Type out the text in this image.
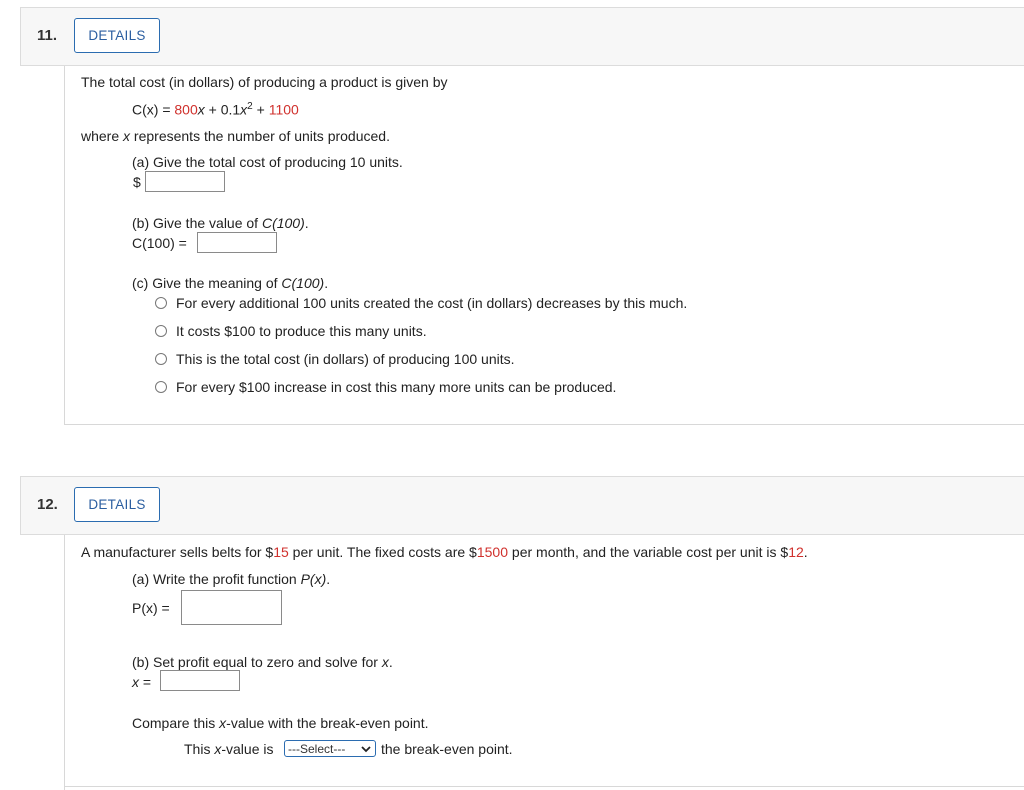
11.	DETAILS
The total cost (in dollars) of producing a product is given by
$C(x) = 800x + 0.1x^2 + 1100$
where x represents the number of units produced.
(a) Give the total cost of producing 10 units.
$
(b) Give the value of C(100).
C(100) =
(c) Give the meaning of C(100).
For every additional 100 units created the cost (in dollars) decreases by this much.
It costs $100 to produce this many units.
This is the total cost (in dollars) of producing 100 units.
For every $100 increase in cost this many more units can be produced.
12.	DETAILS
A manufacturer sells belts for $15 per unit. The fixed costs are $1500 per month, and the variable cost per unit is $12.
(a) Write the profit function P(x).
P(x) =
(b) Set profit equal to zero and solve for x.
x =
Compare this x-value with the break-even point.
This x-value is ---Select---	the break-even point.
